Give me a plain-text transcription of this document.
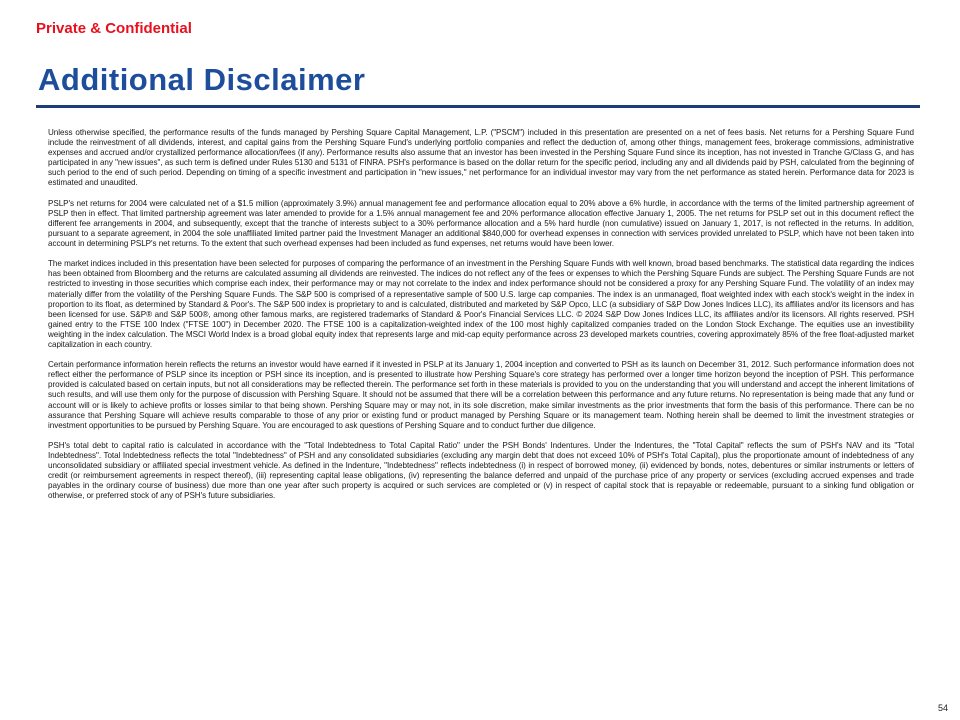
Private & Confidential
Additional Disclaimer

Unless otherwise specified, the performance results of the funds managed by Pershing Square Capital Management, L.P. ("PSCM") included in this presentation are presented on a net of fees basis. Net returns for a Pershing Square Fund include the reinvestment of all dividends, interest, and capital gains from the Pershing Square Fund's underlying portfolio companies and reflect the deduction of, among other things, management fees, brokerage commissions, administrative expenses and accrued and/or crystallized performance allocation/fees (if any). Performance results also assume that an investor has been invested in the Pershing Square Fund since its inception, has not invested in Tranche G/Class G, and has participated in any "new issues", as such term is defined under Rules 5130 and 5131 of FINRA. PSH's performance is based on the dollar return for the specific period, including any and all dividends paid by PSH, calculated from the beginning of such period to the end of such period. Depending on timing of a specific investment and participation in "new issues," net performance for an individual investor may vary from the net performance as stated herein. Performance data for 2023 is estimated and unaudited.

PSLP's net returns for 2004 were calculated net of a $1.5 million (approximately 3.9%) annual management fee and performance allocation equal to 20% above a 6% hurdle, in accordance with the terms of the limited partnership agreement of PSLP then in effect. That limited partnership agreement was later amended to provide for a 1.5% annual management fee and 20% performance allocation effective January 1, 2005. The net returns for PSLP set out in this document reflect the different fee arrangements in 2004, and subsequently, except that the tranche of interests subject to a 30% performance allocation and a 5% hard hurdle (non cumulative) issued on January 1, 2017, is not reflected in the returns. In addition, pursuant to a separate agreement, in 2004 the sole unaffiliated limited partner paid the Investment Manager an additional $840,000 for overhead expenses in connection with services provided unrelated to PSLP, which have not been taken into account in determining PSLP's net returns. To the extent that such overhead expenses had been included as fund expenses, net returns would have been lower.

The market indices included in this presentation have been selected for purposes of comparing the performance of an investment in the Pershing Square Funds with well known, broad based benchmarks. The statistical data regarding the indices has been obtained from Bloomberg and the returns are calculated assuming all dividends are reinvested. The indices do not reflect any of the fees or expenses to which the Pershing Square Funds are subject. The Pershing Square Funds are not restricted to investing in those securities which comprise each index, their performance may or may not correlate to the index and index performance should not be considered a proxy for any Pershing Square Fund. The volatility of an index may materially differ from the volatility of the Pershing Square Funds. The S&P 500 is comprised of a representative sample of 500 U.S. large cap companies. The index is an unmanaged, float weighted index with each stock's weight in the index in proportion to its float, as determined by Standard & Poor's. The S&P 500 index is proprietary to and is calculated, distributed and marketed by S&P Opco, LLC (a subsidiary of S&P Dow Jones Indices LLC), its affiliates and/or its licensors and has been licensed for use. S&P® and S&P 500®, among other famous marks, are registered trademarks of Standard & Poor's Financial Services LLC. © 2024 S&P Dow Jones Indices LLC, its affiliates and/or its licensors. All rights reserved. PSH gained entry to the FTSE 100 Index ("FTSE 100") in December 2020. The FTSE 100 is a capitalization-weighted index of the 100 most highly capitalized companies traded on the London Stock Exchange. The equities use an investibility weighting in the index calculation. The MSCI World Index is a broad global equity index that represents large and mid-cap equity performance across 23 developed markets countries, covering approximately 85% of the free float-adjusted market capitalization in each country.

Certain performance information herein reflects the returns an investor would have earned if it invested in PSLP at its January 1, 2004 inception and converted to PSH as its launch on December 31, 2012. Such performance information does not reflect either the performance of PSLP since its inception or PSH since its inception, and is presented to illustrate how Pershing Square's core strategy has performed over a longer time horizon beyond the inception of PSH. This performance provided is calculated based on certain inputs, but not all considerations may be reflected therein. The performance set forth in these materials is provided to you on the understanding that you will understand and accept the inherent limitations of such results, and will use them only for the purpose of discussion with Pershing Square. It should not be assumed that there will be a correlation between this performance and any future returns. No representation is being made that any fund or account will or is likely to achieve profits or losses similar to that being shown. Pershing Square may or may not, in its sole discretion, make similar investments as the prior investments that form the basis of this performance. There can be no assurance that Pershing Square will achieve results comparable to those of any prior or existing fund or product managed by Pershing Square or its management team. Nothing herein shall be deemed to limit the investment strategies or investment opportunities to be pursued by Pershing Square. You are encouraged to ask questions of Pershing Square and to conduct further due diligence.

PSH's total debt to capital ratio is calculated in accordance with the "Total Indebtedness to Total Capital Ratio" under the PSH Bonds' Indentures. Under the Indentures, the "Total Capital" reflects the sum of PSH's NAV and its "Total Indebtedness". Total Indebtedness reflects the total "Indebtedness" of PSH and any consolidated subsidiaries (excluding any margin debt that does not exceed 10% of PSH's Total Capital), plus the proportionate amount of indebtedness of any unconsolidated subsidiary or affiliated special investment vehicle. As defined in the Indenture, "Indebtedness" reflects indebtedness (i) in respect of borrowed money, (ii) evidenced by bonds, notes, debentures or similar instruments or letters of credit (or reimbursement agreements in respect thereof), (iii) representing capital lease obligations, (iv) representing the balance deferred and unpaid of the purchase price of any property or services (excluding accrued expenses and trade payables in the ordinary course of business) due more than one year after such property is acquired or such services are completed or (v) in respect of capital stock that is repayable or redeemable, pursuant to a sinking fund obligation or otherwise, or preferred stock of any of PSH's future subsidiaries.

54
